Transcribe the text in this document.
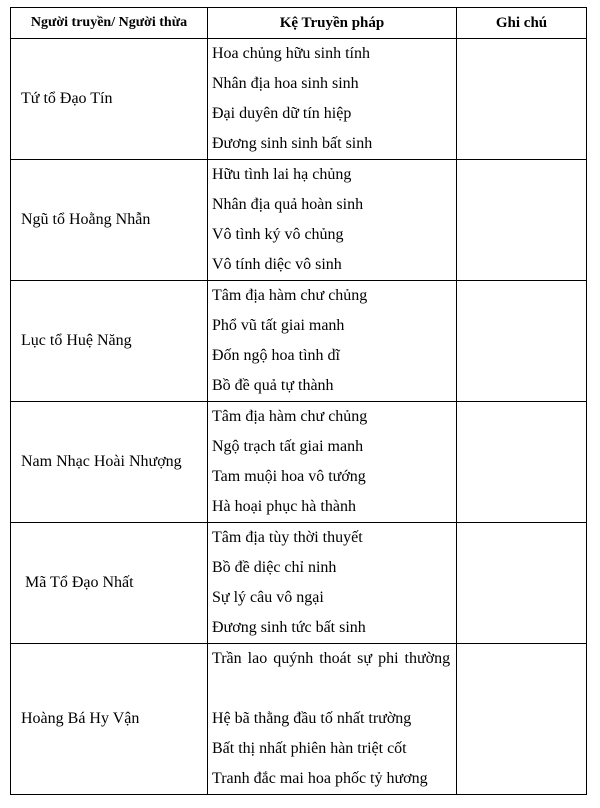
Người truyền/ Người thừa	Kệ Truyền pháp	Ghi chú
Tứ tổ Đạo Tín	Hoa chủng hữu sinh tính
Nhân địa hoa sinh sinh
Đại duyên dữ tín hiệp
Đương sinh sinh bất sinh	

Ngũ tổ Hoằng Nhẫn	Hữu tình lai hạ chủng
Nhân địa quả hoàn sinh
Vô tình ký vô chủng
Vô tính diệc vô sinh	

Lục tổ Huệ Năng	Tâm địa hàm chư chủng
Phổ vũ tất giai manh
Đốn ngộ hoa tình dĩ
Bồ đề quả tự thành	

Nam Nhạc Hoài Nhượng	Tâm địa hàm chư chủng
Ngộ trạch tất giai manh
Tam muội hoa vô tướng
Hà hoại phục hà thành	

Mã Tổ Đạo Nhất	Tâm địa tùy thời thuyết
Bồ đề diệc chỉ ninh
Sự lý câu vô ngại
Đương sinh tức bất sinh	

Hoàng Bá Hy Vận	Trần lao quýnh thoát sự phi thường
Hệ bã thằng đầu tố nhất trường
Bất thị nhất phiên hàn triệt cốt
Tranh đắc mai hoa phốc tỷ hương	
